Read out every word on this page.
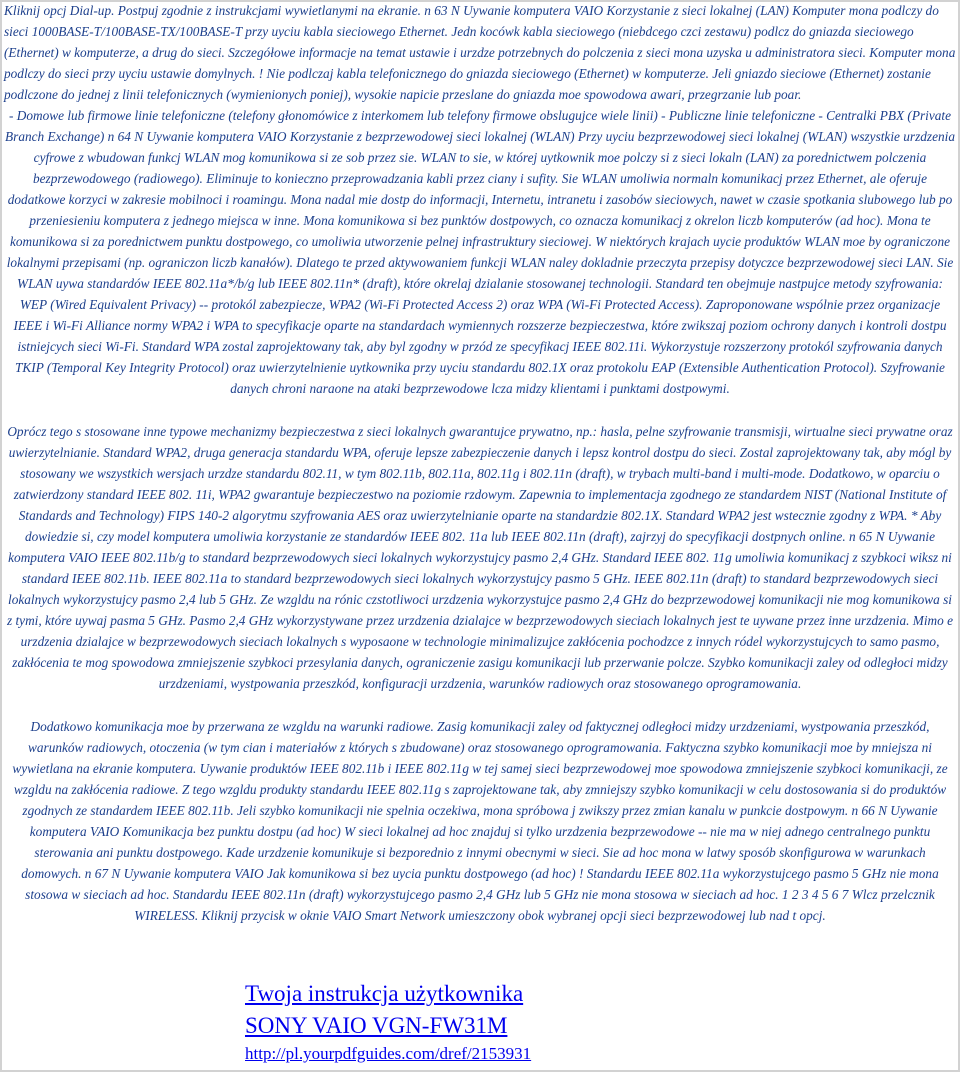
Kliknij opcj Dial-up. Postpuj zgodnie z instrukcjami wywietlanymi na ekranie. n 63 N Uywanie komputera VAIO Korzystanie z sieci lokalnej (LAN) Komputer mona podlczy do sieci 1000BASE-T/100BASE-TX/100BASE-T przy uyciu kabla sieciowego Ethernet. Jedn kocówk kabla sieciowego (niebdcego czci zestawu) podlcz do gniazda sieciowego (Ethernet) w komputerze, a drug do sieci. Szczegółowe informacje na temat ustawie i urzdze potrzebnych do polczenia z sieci mona uzyska u administratora sieci. Komputer mona podlczy do sieci przy uyciu ustawie domylnych. ! Nie podlczaj kabla telefonicznego do gniazda sieciowego (Ethernet) w komputerze. Jeli gniazdo sieciowe (Ethernet) zostanie podlczone do jednej z linii telefonicznych (wymienionych poniej), wysokie napicie przeslane do gniazda moe spowodowa awari, przegrzanie lub poar.

- Domowe lub firmowe linie telefoniczne (telefony głonomówice z interkomem lub telefony firmowe obslugujce wiele linii) - Publiczne linie telefoniczne - Centralki PBX (Private Branch Exchange) n 64 N Uywanie komputera VAIO Korzystanie z bezprzewodowej sieci lokalnej (WLAN) Przy uyciu bezprzewodowej sieci lokalnej (WLAN) wszystkie urzdzenia cyfrowe z wbudowan funkcj WLAN mog komunikowa si ze sob przez sie. WLAN to sie, w której uytkownik moe polczy si z sieci lokaln (LAN) za porednictwem polczenia bezprzewodowego (radiowego). Eliminuje to konieczno przeprowadzania kabli przez ciany i sufity. Sie WLAN umoliwia normaln komunikacj przez Ethernet, ale oferuje dodatkowe korzyci w zakresie mobilnoci i roamingu. Mona nadal mie dostp do informacji, Internetu, intranetu i zasobów sieciowych, nawet w czasie spotkania slubowego lub po przeniesieniu komputera z jednego miejsca w inne. Mona komunikowa si bez punktów dostpowych, co oznacza komunikacj z okrelon liczb komputerów (ad hoc). Mona te komunikowa si za porednictwem punktu dostpowego, co umoliwia utworzenie pelnej infrastruktury sieciowej. W niektórych krajach uycie produktów WLAN moe by ograniczone lokalnymi przepisami (np. ograniczon liczb kanałów). Dlatego te przed aktywowaniem funkcji WLAN naley dokladnie przeczyta przepisy dotyczce bezprzewodowej sieci LAN. Sie WLAN uywa standardów IEEE 802.11a*/b/g lub IEEE 802.11n* (draft), które okrelaj dzialanie stosowanej technologii. Standard ten obejmuje nastpujce metody szyfrowania: WEP (Wired Equivalent Privacy) -- protokól zabezpiecze, WPA2 (Wi-Fi Protected Access 2) oraz WPA (Wi-Fi Protected Access). Zaproponowane wspólnie przez organizacje IEEE i Wi-Fi Alliance normy WPA2 i WPA to specyfikacje oparte na standardach wymiennych rozszerze bezpieczestwa, które zwikszaj poziom ochrony danych i kontroli dostpu istniejcych sieci Wi-Fi. Standard WPA zostal zaprojektowany tak, aby byl zgodny w przód ze specyfikacj IEEE 802.11i. Wykorzystuje rozszerzony protokól szyfrowania danych TKIP (Temporal Key Integrity Protocol) oraz uwierzytelnienie uytkownika przy uyciu standardu 802.1X oraz protokolu EAP (Extensible Authentication Protocol). Szyfrowanie danych chroni naraone na ataki bezprzewodowe lcza midzy klientami i punktami dostpowymi.

Oprócz tego s stosowane inne typowe mechanizmy bezpieczestwa z sieci lokalnych gwarantujce prywatno, np.: hasla, pelne szyfrowanie transmisji, wirtualne sieci prywatne oraz uwierzytelnianie. Standard WPA2, druga generacja standardu WPA, oferuje lepsze zabezpieczenie danych i lepsz kontrol dostpu do sieci. Zostal zaprojektowany tak, aby mógl by stosowany we wszystkich wersjach urzdze standardu 802.11, w tym 802.11b, 802.11a, 802.11g i 802.11n (draft), w trybach multi-band i multi-mode. Dodatkowo, w oparciu o zatwierdzony standard IEEE 802. 11i, WPA2 gwarantuje bezpieczestwo na poziomie rzdowym. Zapewnia to implementacja zgodnego ze standardem NIST (National Institute of Standards and Technology) FIPS 140-2 algorytmu szyfrowania AES oraz uwierzytelnianie oparte na standardzie 802.1X. Standard WPA2 jest wstecznie zgodny z WPA. * Aby dowiedzie si, czy model komputera umoliwia korzystanie ze standardów IEEE 802. 11a lub IEEE 802.11n (draft), zajrzyj do specyfikacji dostpnych online. n 65 N Uywanie komputera VAIO IEEE 802.11b/g to standard bezprzewodowych sieci lokalnych wykorzystujcy pasmo 2,4 GHz. Standard IEEE 802. 11g umoliwia komunikacj z szybkoci wiksz ni standard IEEE 802.11b. IEEE 802.11a to standard bezprzewodowych sieci lokalnych wykorzystujcy pasmo 5 GHz. IEEE 802.11n (draft) to standard bezprzewodowych sieci lokalnych wykorzystujcy pasmo 2,4 lub 5 GHz. Ze wzgldu na rónic czstotliwoci urzdzenia wykorzystujce pasmo 2,4 GHz do bezprzewodowej komunikacji nie mog komunikowa si z tymi, które uywaj pasma 5 GHz. Pasmo 2,4 GHz wykorzystywane przez urzdzenia dzialajce w bezprzewodowych sieciach lokalnych jest te uywane przez inne urzdzenia. Mimo e urzdzenia dzialajce w bezprzewodowych sieciach lokalnych s wyposaone w technologie minimalizujce zakłócenia pochodzce z innych ródel wykorzystujcych to samo pasmo, zakłócenia te mog spowodowa zmniejszenie szybkoci przesylania danych, ograniczenie zasigu komunikacji lub przerwanie polcze. Szybko komunikacji zaley od odległoci midzy urzdzeniami, wystpowania przeszkód, konfiguracji urzdzenia, warunków radiowych oraz stosowanego oprogramowania.

Dodatkowo komunikacja moe by przerwana ze wzgldu na warunki radiowe. Zasig komunikacji zaley od faktycznej odległoci midzy urzdzeniami, wystpowania przeszkód, warunków radiowych, otoczenia (w tym cian i materiałów z których s zbudowane) oraz stosowanego oprogramowania. Faktyczna szybko komunikacji moe by mniejsza ni wywietlana na ekranie komputera. Uywanie produktów IEEE 802.11b i IEEE 802.11g w tej samej sieci bezprzewodowej moe spowodowa zmniejszenie szybkoci komunikacji, ze wzgldu na zakłócenia radiowe. Z tego wzgldu produkty standardu IEEE 802.11g s zaprojektowane tak, aby zmniejszy szybko komunikacji w celu dostosowania si do produktów zgodnych ze standardem IEEE 802.11b. Jeli szybko komunikacji nie spelnia oczekiwa, mona spróbowa j zwikszy przez zmian kanalu w punkcie dostpowym. n 66 N Uywanie komputera VAIO Komunikacja bez punktu dostpu (ad hoc) W sieci lokalnej ad hoc znajduj si tylko urzdzenia bezprzewodowe -- nie ma w niej adnego centralnego punktu sterowania ani punktu dostpowego. Kade urzdzenie komunikuje si bezporednio z innymi obecnymi w sieci. Sie ad hoc mona w latwy sposób skonfigurowa w warunkach domowych. n 67 N Uywanie komputera VAIO Jak komunikowa si bez uycia punktu dostpowego (ad hoc) ! Standardu IEEE 802.11a wykorzystujcego pasmo 5 GHz nie mona stosowa w sieciach ad hoc. Standardu IEEE 802.11n (draft) wykorzystujcego pasmo 2,4 GHz lub 5 GHz nie mona stosowa w sieciach ad hoc. 1 2 3 4 5 6 7 Wlcz przelcznik WIRELESS. Kliknij przycisk w oknie VAIO Smart Network umieszczony obok wybranej opcji sieci bezprzewodowej lub nad t opcj.

Twoja instrukcja użytkownika
SONY VAIO VGN-FW31M
http://pl.yourpdfguides.com/dref/2153931
